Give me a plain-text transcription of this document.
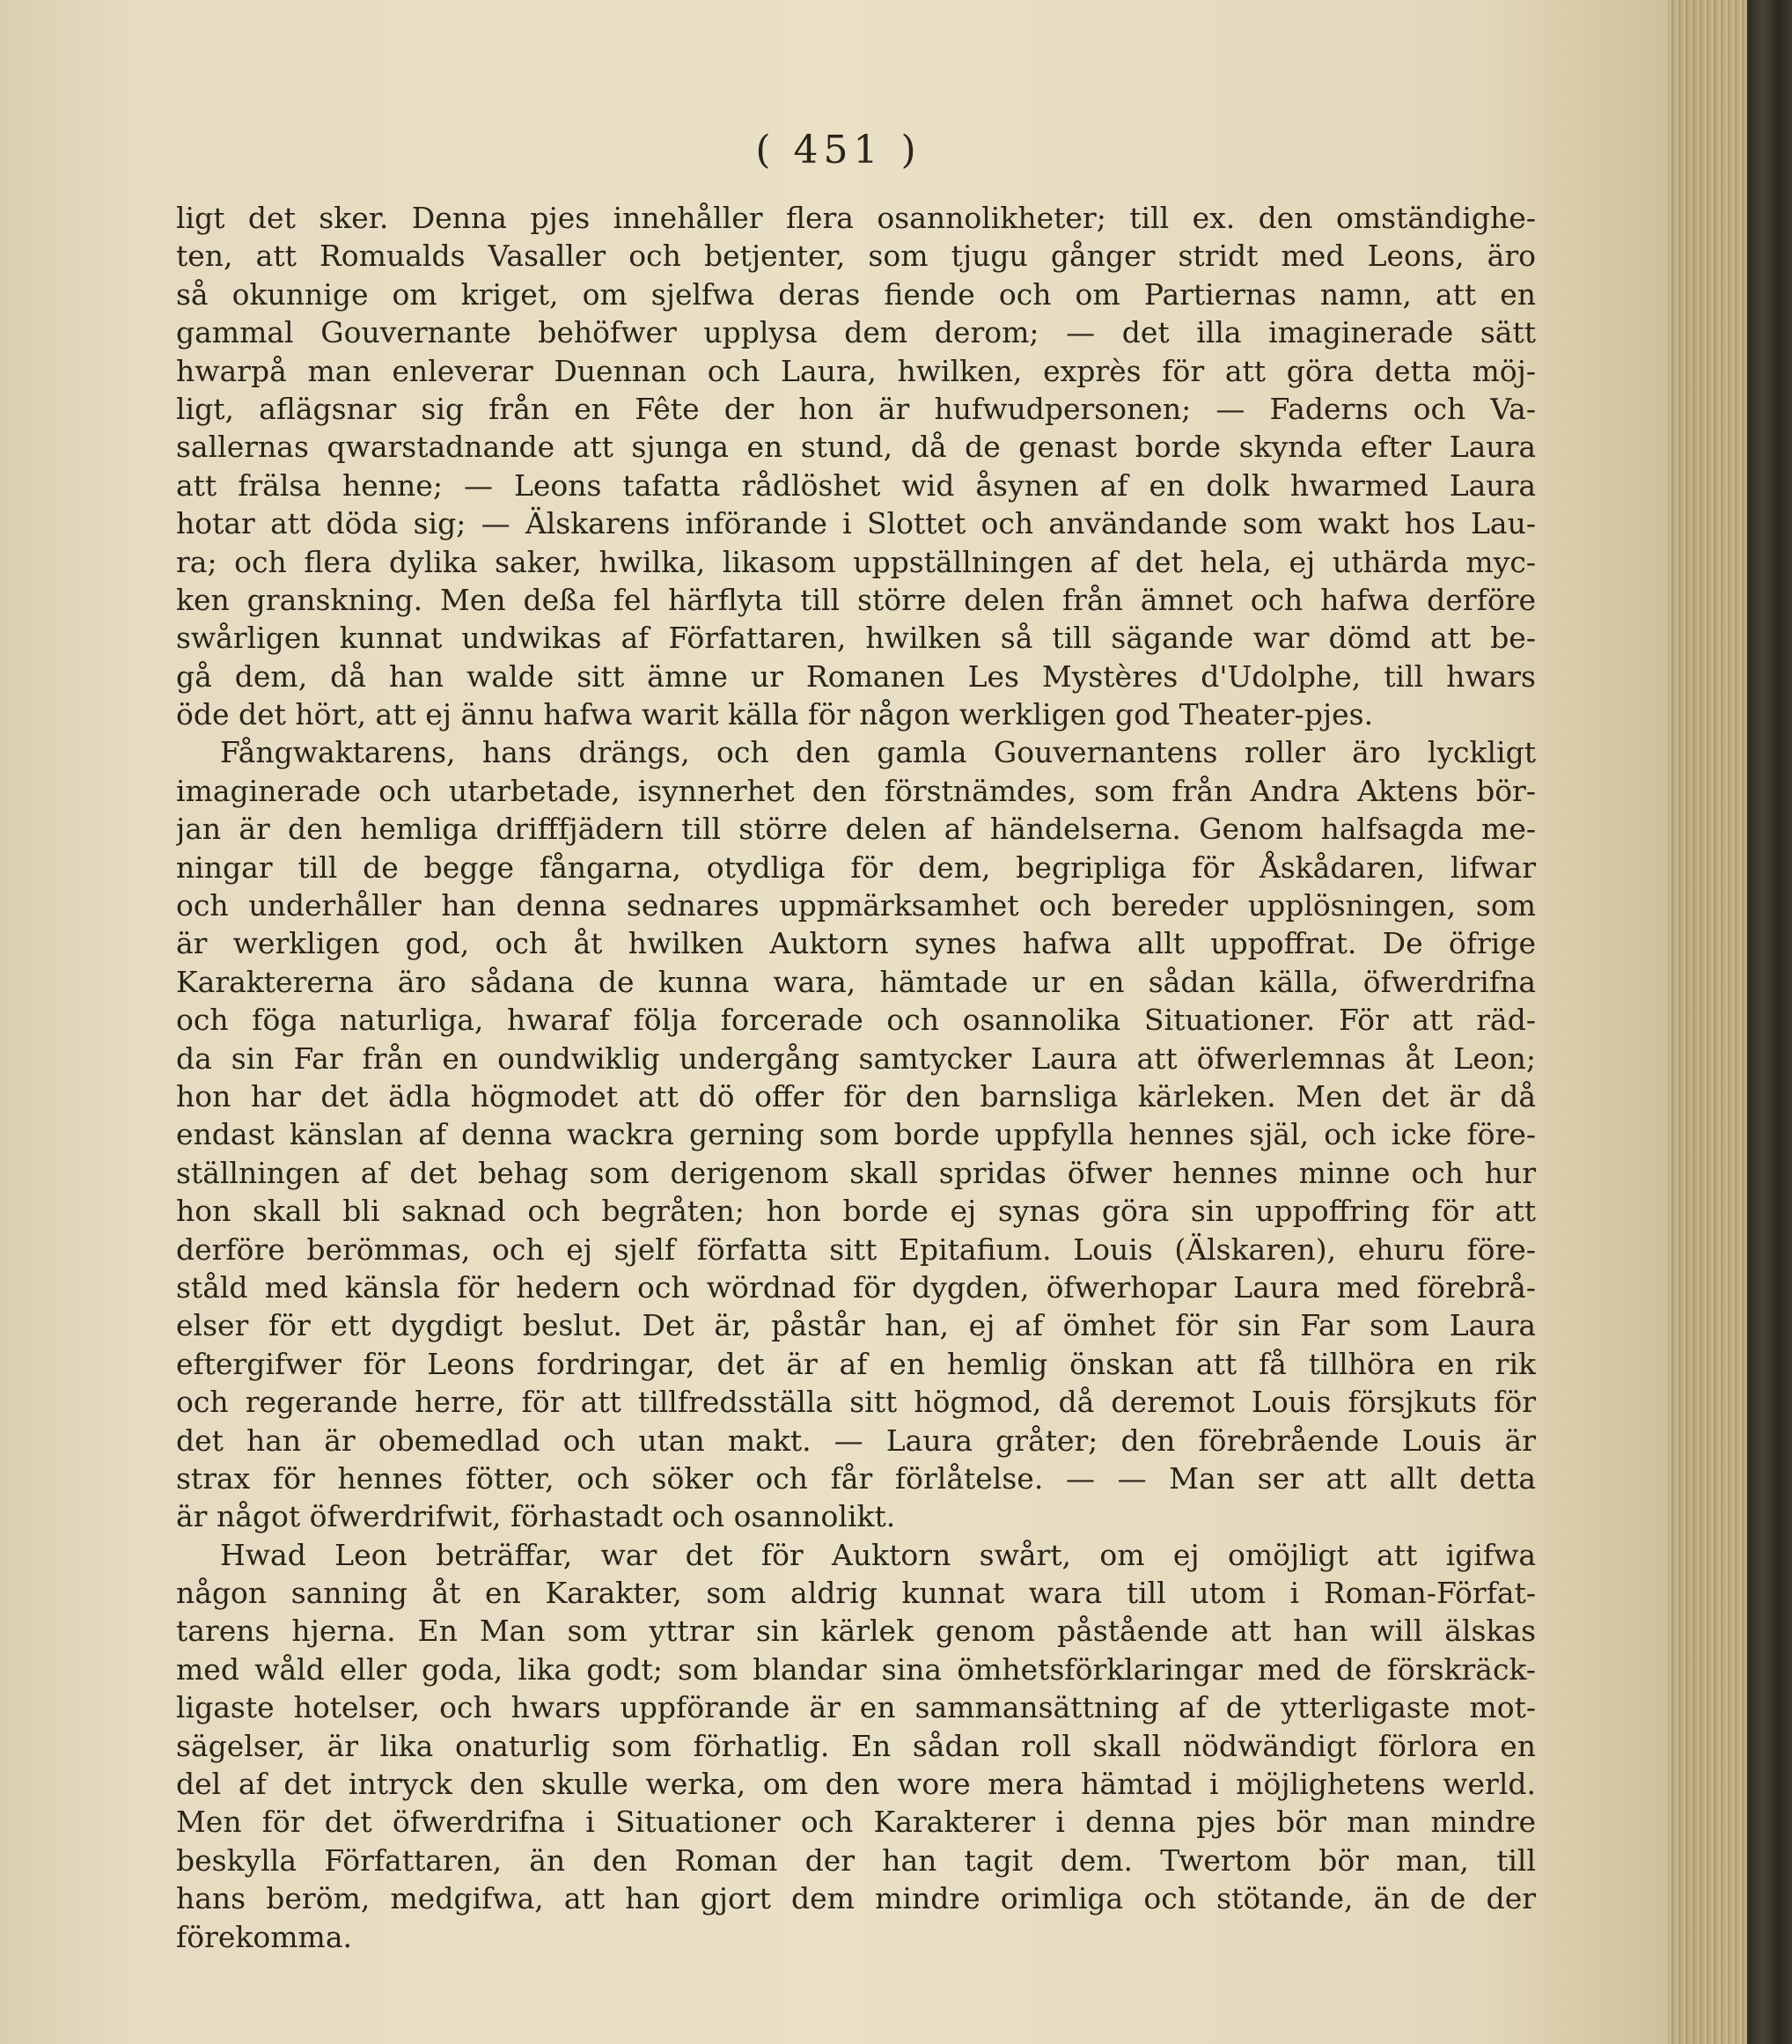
( 451 )
ligt det sker. Denna pjes innehåller flera osannolikheter; till ex. den omständighe-
ten, att Romualds Vasaller och betjenter, som tjugu gånger stridt med Leons, äro
så okunnige om kriget, om sjelfwa deras fiende och om Partiernas namn, att en
gammal Gouvernante behöfwer upplysa dem derom; — det illa imaginerade sätt
hwarpå man enleverar Duennan och Laura, hwilken, exprès för att göra detta möj-
ligt, aflägsnar sig från en Fête der hon är hufwudpersonen; — Faderns och Va-
sallernas qwarstadnande att sjunga en stund, då de genast borde skynda efter Laura
att frälsa henne; — Leons tafatta rådlöshet wid åsynen af en dolk hwarmed Laura
hotar att döda sig; — Älskarens införande i Slottet och användande som wakt hos Lau-
ra; och flera dylika saker, hwilka, likasom uppställningen af det hela, ej uthärda myc-
ken granskning. Men deßa fel härflyta till större delen från ämnet och hafwa derföre
swårligen kunnat undwikas af Författaren, hwilken så till sägande war dömd att be-
gå dem, då han walde sitt ämne ur Romanen Les Mystères d'Udolphe, till hwars
öde det hört, att ej ännu hafwa warit källa för någon werkligen god Theater-pjes.
Fångwaktarens, hans drängs, och den gamla Gouvernantens roller äro lyckligt
imaginerade och utarbetade, isynnerhet den förstnämdes, som från Andra Aktens bör-
jan är den hemliga drifffjädern till större delen af händelserna. Genom halfsagda me-
ningar till de begge fångarna, otydliga för dem, begripliga för Åskådaren, lifwar
och underhåller han denna sednares uppmärksamhet och bereder upplösningen, som
är werkligen god, och åt hwilken Auktorn synes hafwa allt uppoffrat. De öfrige
Karaktererna äro sådana de kunna wara, hämtade ur en sådan källa, öfwerdrifna
och föga naturliga, hwaraf följa forcerade och osannolika Situationer. För att räd-
da sin Far från en oundwiklig undergång samtycker Laura att öfwerlemnas åt Leon;
hon har det ädla högmodet att dö offer för den barnsliga kärleken. Men det är då
endast känslan af denna wackra gerning som borde uppfylla hennes själ, och icke före-
ställningen af det behag som derigenom skall spridas öfwer hennes minne och hur
hon skall bli saknad och begråten; hon borde ej synas göra sin uppoffring för att
derföre berömmas, och ej sjelf författa sitt Epitafium. Louis (Älskaren), ehuru före-
ståld med känsla för hedern och wördnad för dygden, öfwerhopar Laura med förebrå-
elser för ett dygdigt beslut. Det är, påstår han, ej af ömhet för sin Far som Laura
eftergifwer för Leons fordringar, det är af en hemlig önskan att få tillhöra en rik
och regerande herre, för att tillfredsställa sitt högmod, då deremot Louis försjkuts för
det han är obemedlad och utan makt. — Laura gråter; den förebrående Louis är
strax för hennes fötter, och söker och får förlåtelse. — — Man ser att allt detta
är något öfwerdrifwit, förhastadt och osannolikt.
Hwad Leon beträffar, war det för Auktorn swårt, om ej omöjligt att igifwa
någon sanning åt en Karakter, som aldrig kunnat wara till utom i Roman-Förfat-
tarens hjerna. En Man som yttrar sin kärlek genom påstående att han will älskas
med wåld eller goda, lika godt; som blandar sina ömhetsförklaringar med de förskräck-
ligaste hotelser, och hwars uppförande är en sammansättning af de ytterligaste mot-
sägelser, är lika onaturlig som förhatlig. En sådan roll skall nödwändigt förlora en
del af det intryck den skulle werka, om den wore mera hämtad i möjlighetens werld.
Men för det öfwerdrifna i Situationer och Karakterer i denna pjes bör man mindre
beskylla Författaren, än den Roman der han tagit dem. Twertom bör man, till
hans beröm, medgifwa, att han gjort dem mindre orimliga och stötande, än de der
förekomma.
